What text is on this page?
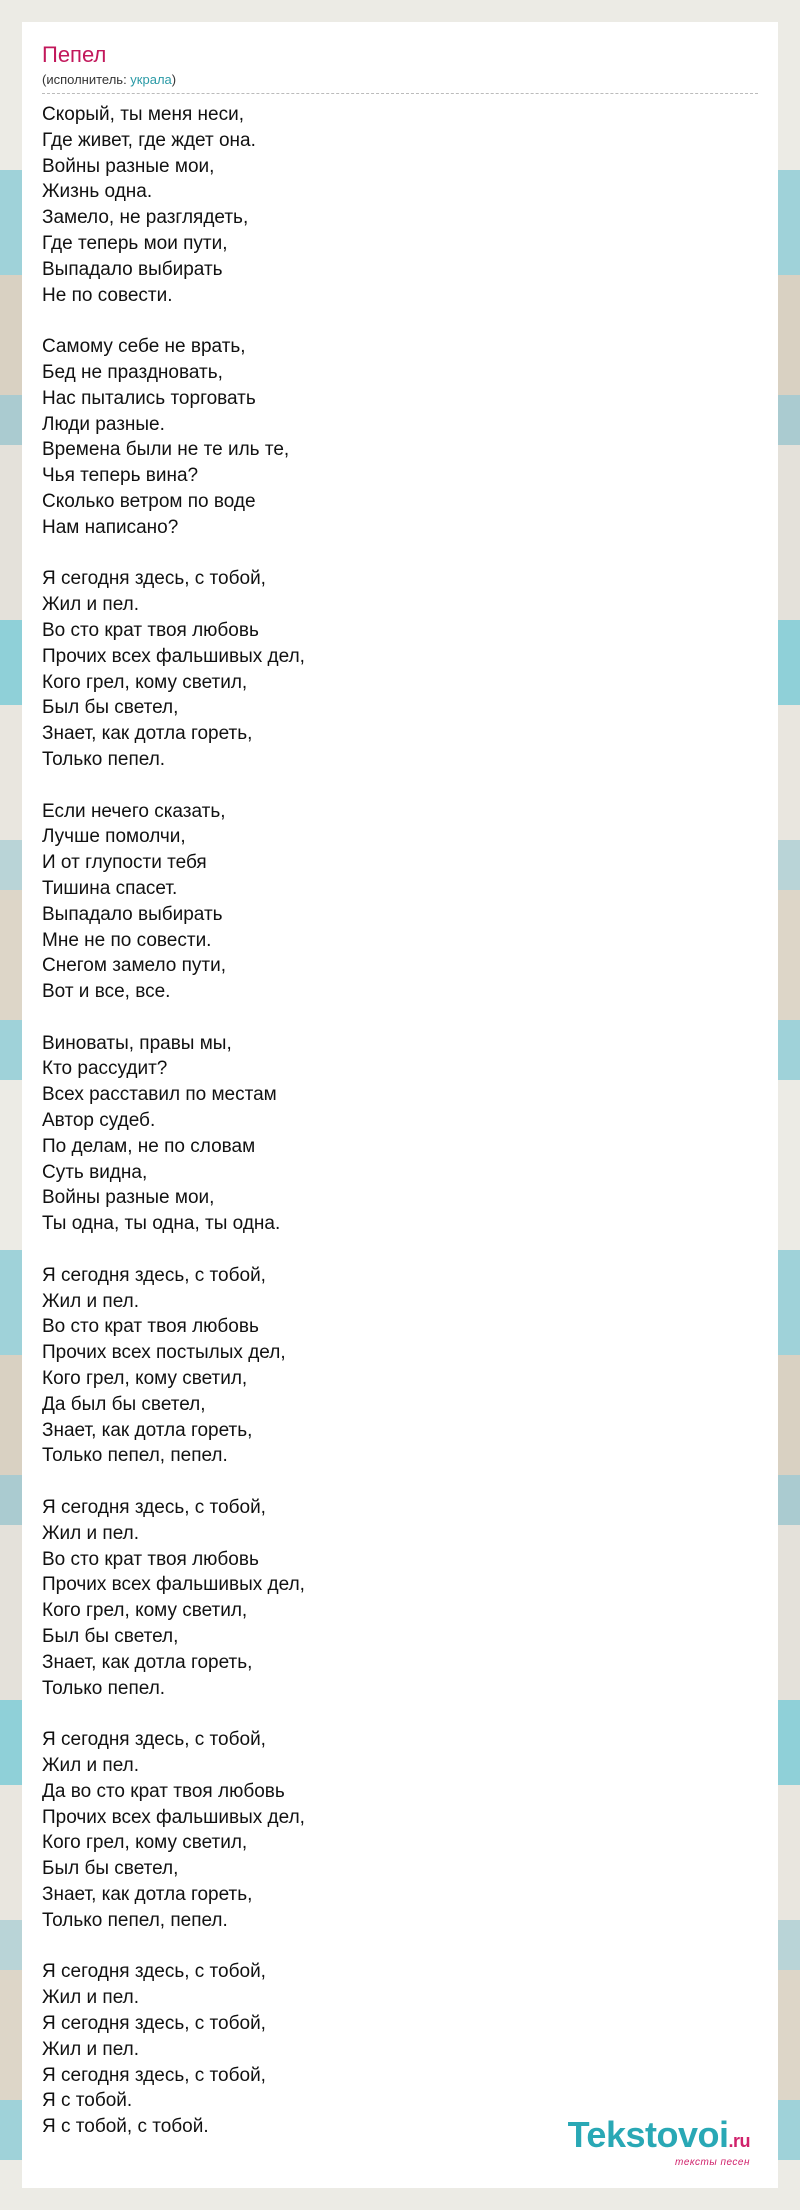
Пепел
(исполнитель: украла)
Скорый, ты меня неси,
Где живет, где ждет она.
Войны разные мои,
Жизнь одна.
Замело, не разглядеть,
Где теперь мои пути,
Выпадало выбирать
Не по совести.
Самому себе не врать,
Бед не праздновать,
Нас пытались торговать
Люди разные.
Времена были не те иль те,
Чья теперь вина?
Сколько ветром по воде
Нам написано?
Я сегодня здесь, с тобой,
Жил и пел.
Во сто крат твоя любовь
Прочих всех фальшивых дел,
Кого грел, кому светил,
Был бы светел,
Знает, как дотла гореть,
Только пепел.
Если нечего сказать,
Лучше помолчи,
И от глупости тебя
Тишина спасет.
Выпадало выбирать
Мне не по совести.
Снегом замело пути,
Вот и все, все.
Виноваты, правы мы,
Кто рассудит?
Всех расставил по местам
Автор судеб.
По делам, не по словам
Суть видна,
Войны разные мои,
Ты одна, ты одна, ты одна.
Я сегодня здесь, с тобой,
Жил и пел.
Во сто крат твоя любовь
Прочих всех постылых дел,
Кого грел, кому светил,
Да был бы светел,
Знает, как дотла гореть,
Только пепел, пепел.
Я сегодня здесь, с тобой,
Жил и пел.
Во сто крат твоя любовь
Прочих всех фальшивых дел,
Кого грел, кому светил,
Был бы светел,
Знает, как дотла гореть,
Только пепел.
Я сегодня здесь, с тобой,
Жил и пел.
Да во сто крат твоя любовь
Прочих всех фальшивых дел,
Кого грел, кому светил,
Был бы светел,
Знает, как дотла гореть,
Только пепел, пепел.
Я сегодня здесь, с тобой,
Жил и пел.
Я сегодня здесь, с тобой,
Жил и пел.
Я сегодня здесь, с тобой,
Я с тобой.
Я с тобой, с тобой.	Tekstovoi.ru
тексты песен
